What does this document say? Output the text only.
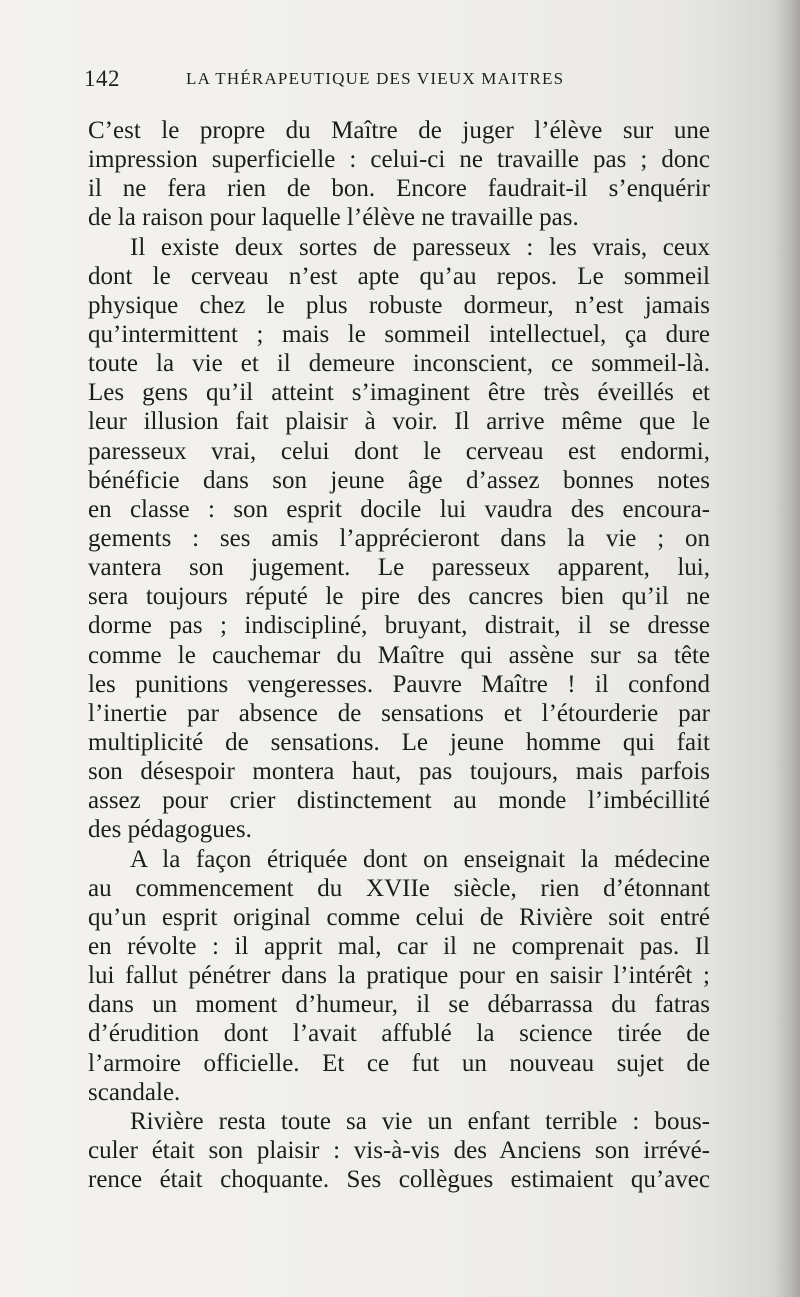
142	LA THÉRAPEUTIQUE DES VIEUX MAITRES
C’est le propre du Maître de juger l’élève sur une
impression superficielle : celui-ci ne travaille pas ; donc
il ne fera rien de bon. Encore faudrait-il s’enquérir
de la raison pour laquelle l’élève ne travaille pas.
Il existe deux sortes de paresseux : les vrais, ceux
dont le cerveau n’est apte qu’au repos. Le sommeil
physique chez le plus robuste dormeur, n’est jamais
qu’intermittent ; mais le sommeil intellectuel, ça dure
toute la vie et il demeure inconscient, ce sommeil-là.
Les gens qu’il atteint s’imaginent être très éveillés et
leur illusion fait plaisir à voir. Il arrive même que le
paresseux vrai, celui dont le cerveau est endormi,
bénéficie dans son jeune âge d’assez bonnes notes
en classe : son esprit docile lui vaudra des encoura-
gements : ses amis l’apprécieront dans la vie ; on
vantera son jugement. Le paresseux apparent, lui,
sera toujours réputé le pire des cancres bien qu’il ne
dorme pas ; indiscipliné, bruyant, distrait, il se dresse
comme le cauchemar du Maître qui assène sur sa tête
les punitions vengeresses. Pauvre Maître ! il confond
l’inertie par absence de sensations et l’étourderie par
multiplicité de sensations. Le jeune homme qui fait
son désespoir montera haut, pas toujours, mais parfois
assez pour crier distinctement au monde l’imbécillité
des pédagogues.
A la façon étriquée dont on enseignait la médecine
au commencement du XVIIe siècle, rien d’étonnant
qu’un esprit original comme celui de Rivière soit entré
en révolte : il apprit mal, car il ne comprenait pas. Il
lui fallut pénétrer dans la pratique pour en saisir l’intérêt ;
dans un moment d’humeur, il se débarrassa du fatras
d’érudition dont l’avait affublé la science tirée de
l’armoire officielle. Et ce fut un nouveau sujet de
scandale.
Rivière resta toute sa vie un enfant terrible : bous-
culer était son plaisir : vis-à-vis des Anciens son irrévé-
rence était choquante. Ses collègues estimaient qu’avec
